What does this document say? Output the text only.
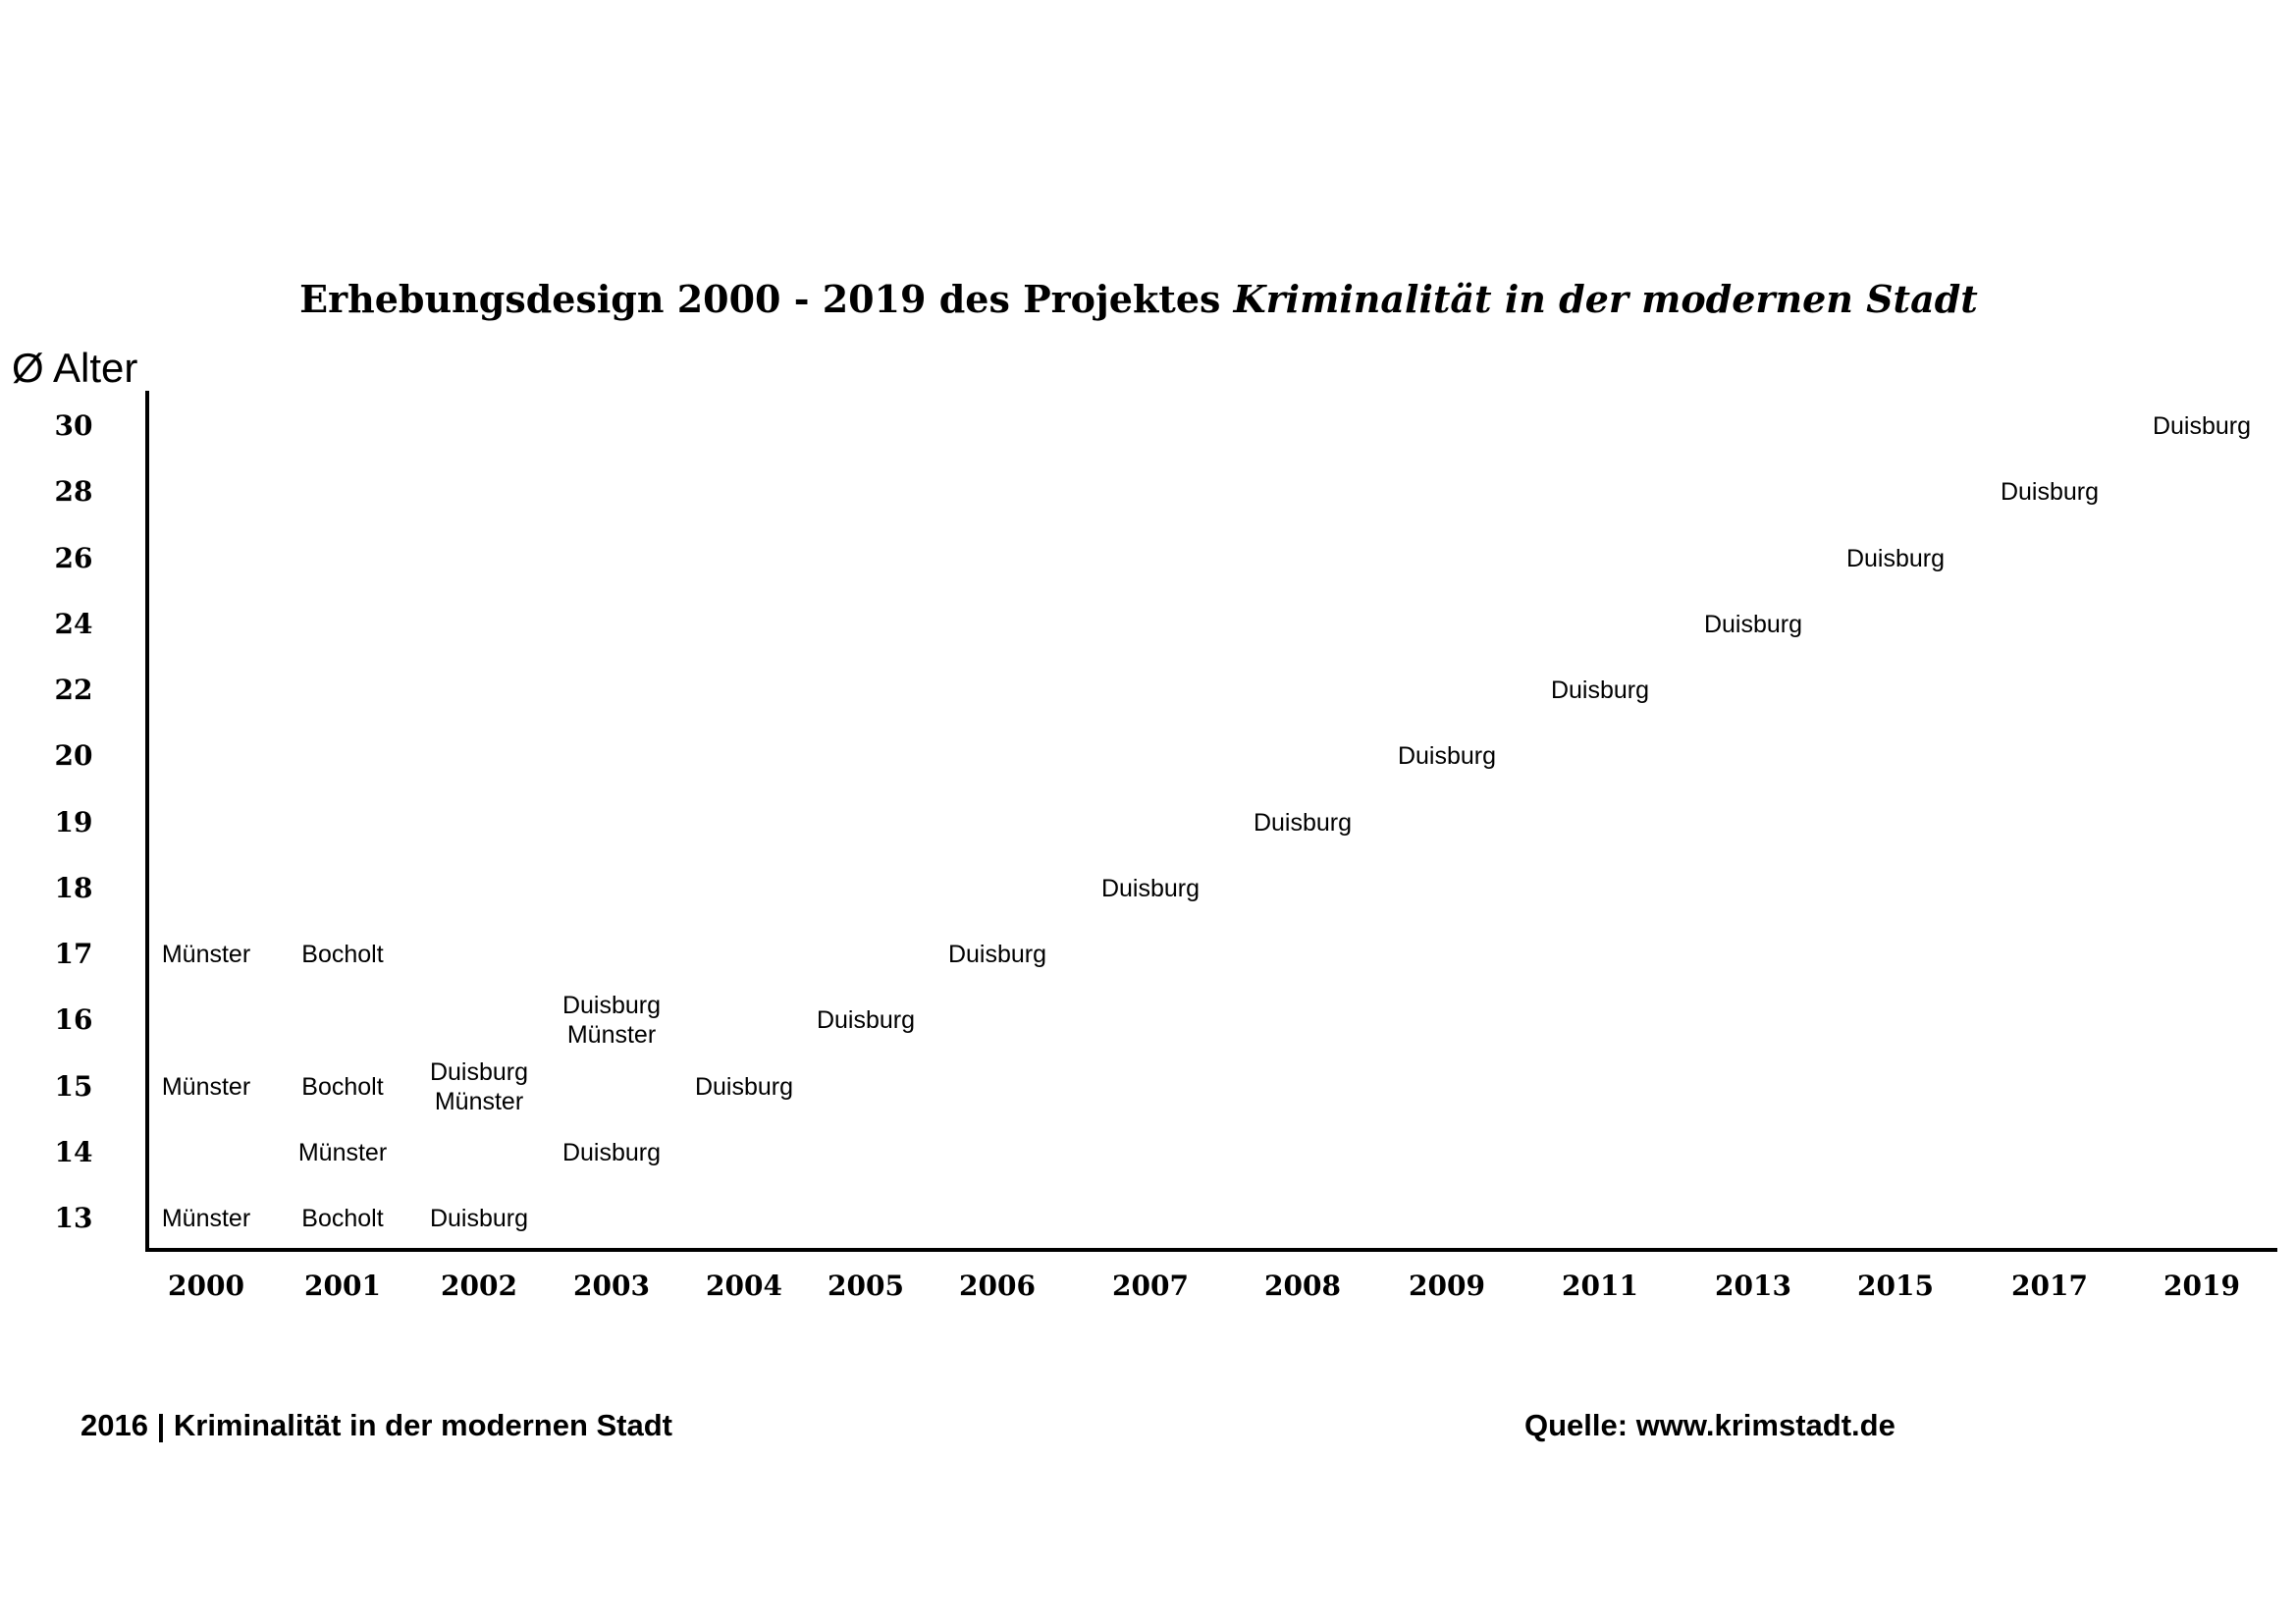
Erhebungsdesign 2000 - 2019 des Projektes Kriminalität in der modernen Stadt
Ø Alter
13
14
15
16
17
18
19
20
22
24
26
28
30
2000	2001	2002	2003	2004	2005	2006	2007	2008	2009	2011	2013	2015	2017	2019
Münster
Münster
Münster
Bocholt
Bocholt
Münster
Bocholt
Duisburg
Münster
Duisburg
Duisburg
Münster
Duisburg
Duisburg
Duisburg
Duisburg
Duisburg
Duisburg
Duisburg
Duisburg
Duisburg
Duisburg
Duisburg
Duisburg
2016 | Kriminalität in der modernen Stadt	Quelle: www.krimstadt.de
